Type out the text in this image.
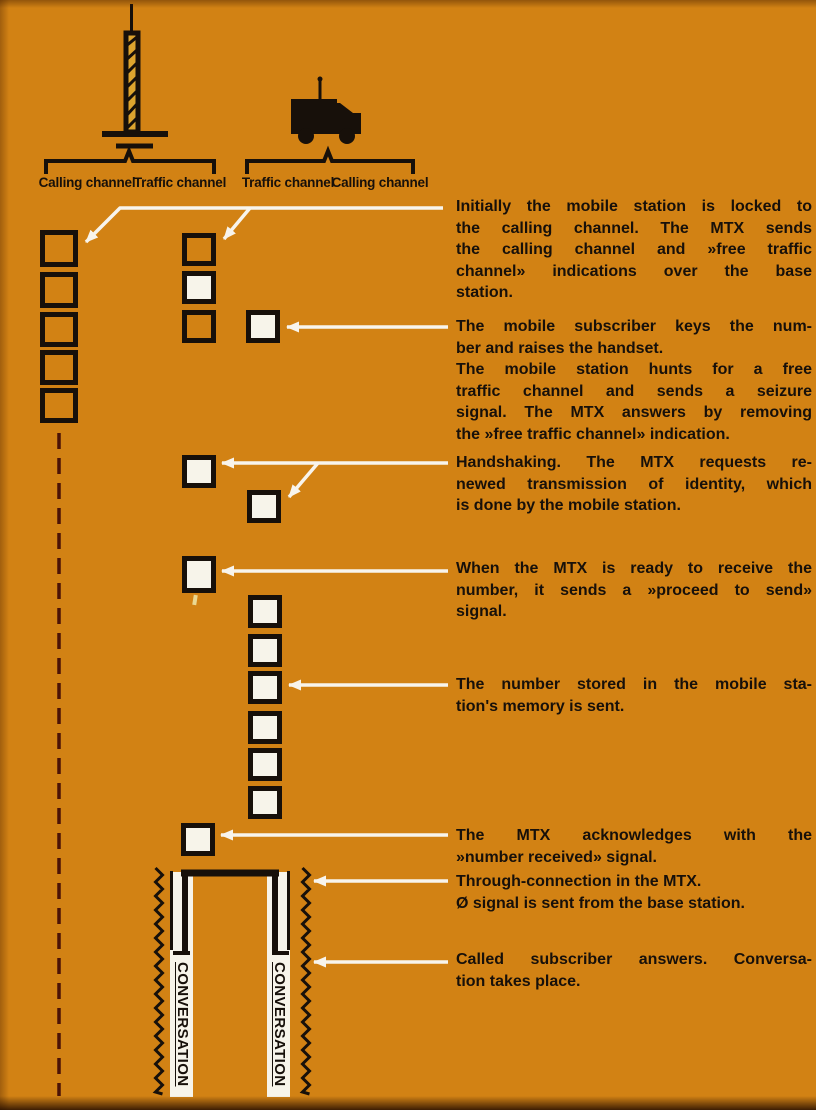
Calling channel
Traffic channel	Traffic channel
Calling channel
CONVERSATION	CONVERSATION
Initially the mobile station is locked to
the calling channel. The MTX sends
the calling channel and »free traffic
channel» indications over the base
station.
The mobile subscriber keys the num-
ber and raises the handset.
The mobile station hunts for a free
traffic channel and sends a seizure
signal. The MTX answers by removing
the »free traffic channel» indication.
Handshaking. The MTX requests re-
newed transmission of identity, which
is done by the mobile station.
When the MTX is ready to receive the
number, it sends a »proceed to send»
signal.
The number stored in the mobile sta-
tion's memory is sent.
The MTX acknowledges with the
»number received» signal.
Through-connection in the MTX.
Ø signal is sent from the base station.
Called subscriber answers. Conversa-
tion takes place.
